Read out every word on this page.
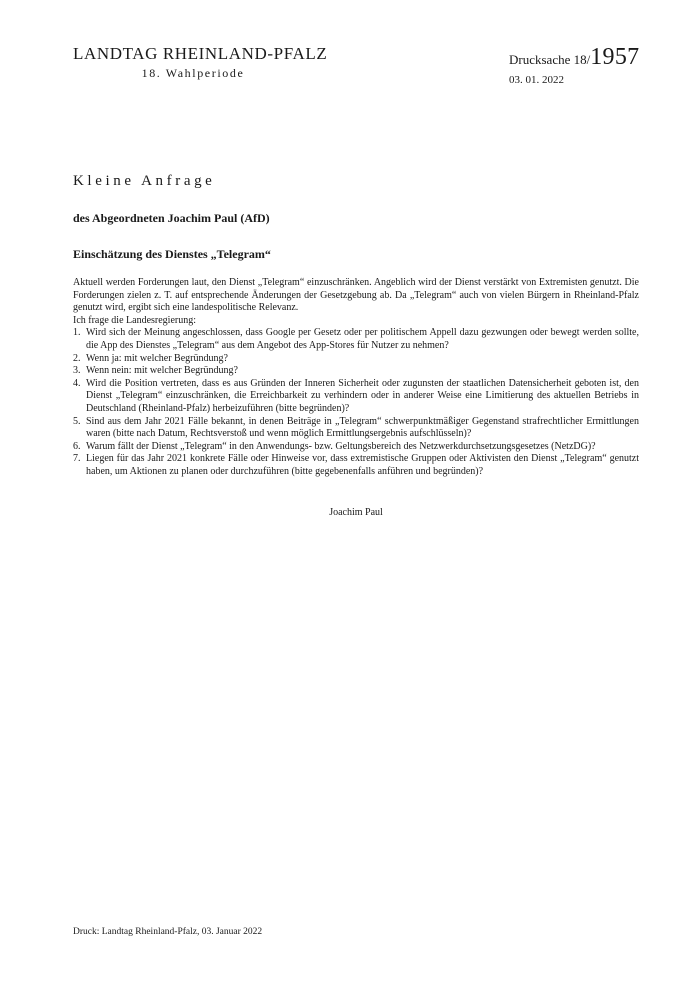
LANDTAG RHEINLAND-PFALZ
18. Wahlperiode
Drucksache 18/1957
03. 01. 2022
Kleine Anfrage
des Abgeordneten Joachim Paul (AfD)
Einschätzung des Dienstes „Telegram“

Aktuell werden Forderungen laut, den Dienst „Telegram“ einzuschränken. Angeblich wird der Dienst verstärkt von Extremisten genutzt. Die Forderungen zielen z. T. auf entsprechende Änderungen der Gesetzgebung ab. Da „Telegram“ auch von vielen Bürgern in Rheinland-Pfalz genutzt wird, ergibt sich eine landespolitische Relevanz.

Ich frage die Landesregierung:

1. Wird sich der Meinung angeschlossen, dass Google per Gesetz oder per politischem Appell dazu gezwungen oder bewegt werden sollte, die App des Dienstes „Telegram“ aus dem Angebot des App-Stores für Nutzer zu nehmen?
2. Wenn ja: mit welcher Begründung?
3. Wenn nein: mit welcher Begründung?
4. Wird die Position vertreten, dass es aus Gründen der Inneren Sicherheit oder zugunsten der staatlichen Datensicherheit geboten ist, den Dienst „Telegram“ einzuschränken, die Erreichbarkeit zu verhindern oder in anderer Weise eine Limitierung des aktuellen Betriebs in Deutschland (Rheinland-Pfalz) herbeizuführen (bitte begründen)?
5. Sind aus dem Jahr 2021 Fälle bekannt, in denen Beiträge in „Telegram“ schwerpunktmäßiger Gegenstand strafrechtlicher Ermittlungen waren (bitte nach Datum, Rechtsverstoß und wenn möglich Ermittlungsergebnis aufschlüsseln)?
6. Warum fällt der Dienst „Telegram“ in den Anwendungs- bzw. Geltungsbereich des Netzwerkdurchsetzungsgesetzes (NetzDG)?
7. Liegen für das Jahr 2021 konkrete Fälle oder Hinweise vor, dass extremistische Gruppen oder Aktivisten den Dienst „Telegram“ genutzt haben, um Aktionen zu planen oder durchzuführen (bitte gegebenenfalls anführen und begründen)?
Joachim Paul
Druck: Landtag Rheinland-Pfalz, 03. Januar 2022
